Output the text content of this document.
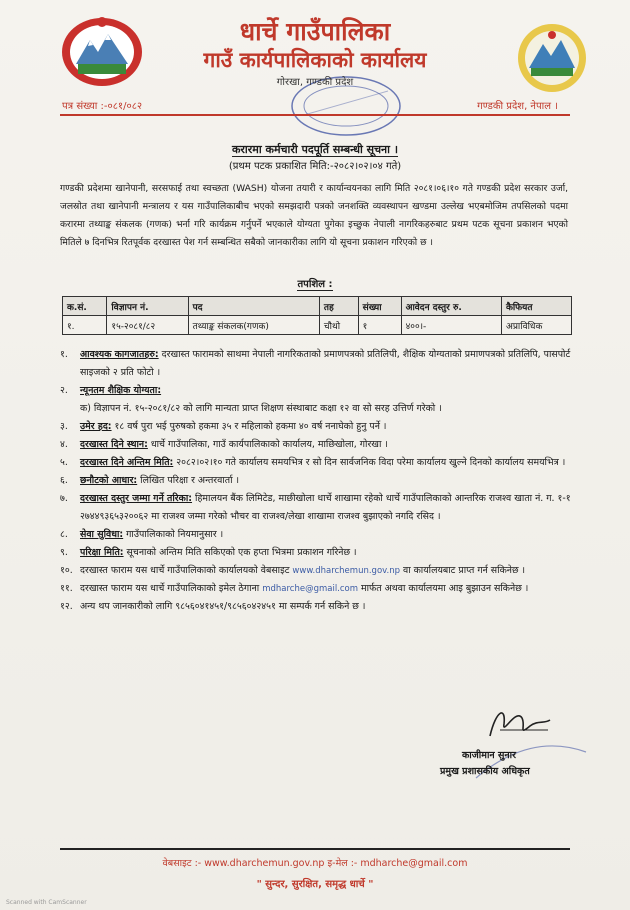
धार्चे गाउँपालिका
गाउँ कार्यपालिकाको कार्यालय
गोरखा, गण्डकी प्रदेश
पत्र संख्या :-०८१/०८२	गण्डकी प्रदेश, नेपाल ।
करारमा कर्मचारी पदपूर्ति सम्बन्धी सूचना ।
(प्रथम पटक प्रकाशित मिति:-२०८२।०२।०४ गते)
गण्डकी प्रदेशमा खानेपानी, सरसफाई तथा स्वच्छता (WASH) योजना तयारी र कार्यान्वयनका लागि मिति २०८१।०६।१० गते गण्डकी प्रदेश सरकार उर्जा, जलस्रोत तथा खानेपानी मन्त्रालय र यस गाउँपालिकाबीच भएको समझदारी पत्रको जनशक्ति व्यवस्थापन खण्डमा उल्लेख भएबमोजिम तपसिलको पदमा करारमा तथ्याङ्क संकलक (गणक) भर्ना गरि कार्यक्रम गर्नुपर्ने भएकाले योग्यता पुगेका इच्छुक नेपाली नागरिकहरुबाट प्रथम पटक सूचना प्रकाशन भएको मितिले ७ दिनभित्र रितपूर्वक दरखास्त पेश गर्न सम्बन्धित सबैको जानकारीका लागि यो सूचना प्रकाशन गरिएको छ ।
तपशिल :
क.सं.	विज्ञापन नं.	पद	तह	संख्या	आवेदन दस्तुर रु.	कैफियत
१.	१५-२०८१/८२	तथ्याङ्क संकलक(गणक)	चौथो	१	४००।-	अप्राविधिक
१. आवश्यक कागजातहरु: दरखास्त फारामको साथमा नेपाली नागरिकताको प्रमाणपत्रको प्रतिलिपी, शैक्षिक योग्यताको प्रमाणपत्रको प्रतिलिपि, पासपोर्ट साइजको २ प्रति फोटो ।
२. न्यूनतम शैक्षिक योग्यता:
क) विज्ञापन नं. १५-२०८१/८२ को लागि मान्यता प्राप्त शिक्षण संस्थाबाट कक्षा १२ वा सो सरह उत्तिर्ण गरेको ।
३. उमेर हद: १८ वर्ष पुरा भई पुरुषको हकमा ३५ र महिलाको हकमा ४० वर्ष ननाघेको हुनु पर्ने ।
४. दरखास्त दिने स्थान: धार्चे गाउँपालिका, गाउँ कार्यपालिकाको कार्यालय, माछिखोला, गोरखा ।
५. दरखास्त दिने अन्तिम मिति: २०८२।०२।१० गते कार्यालय समयभित्र र सो दिन सार्वजनिक विदा परेमा कार्यालय खुल्ने दिनको कार्यालय समयभित्र ।
६. छनौटको आधार: लिखित परिक्षा र अन्तरवार्ता ।
७. दरखास्त दस्तुर जम्मा गर्ने तरिका: हिमालयन बैंक लिमिटेड, माछीखोला धार्चे शाखामा रहेको धार्चे गाउँपालिकाको आन्तरिक राजश्व खाता नं. ग. १-१ २७४४९३६५३२००६२ मा राजश्व जम्मा गरेको भौचर वा राजश्व/लेखा शाखामा राजश्व बुझाएको नगदि रसिद ।
८. सेवा सुविधा: गाउँपालिकाको नियमानुसार ।
९. परिक्षा मिति: सूचनाको अन्तिम मिति सकिएको एक हप्ता भित्रमा प्रकाशन गरिनेछ ।
१०. दरखास्त फाराम यस धार्चे गाउँपालिकाको कार्यालयको वेबसाइट www.dharchemun.gov.np वा कार्यालयबाट प्राप्त गर्न सकिनेछ ।
११. दरखास्त फाराम यस धार्चे गाउँपालिकाको इमेल ठेगाना mdharche@gmail.com मार्फत अथवा कार्यालयमा आइ बुझाउन सकिनेछ ।
१२. अन्य थप जानकारीको लागि ९८५६०४१४५१/९८५६०४२४५१ मा सम्पर्क गर्न सकिने छ ।
काजीमान सुनार
प्रमुख प्रशासकीय अधिकृत
वेबसाइट :- www.dharchemun.gov.np इ-मेल :- mdharche@gmail.com
" सुन्दर, सुरक्षित, समृद्ध धार्चे "
Scanned with CamScanner
